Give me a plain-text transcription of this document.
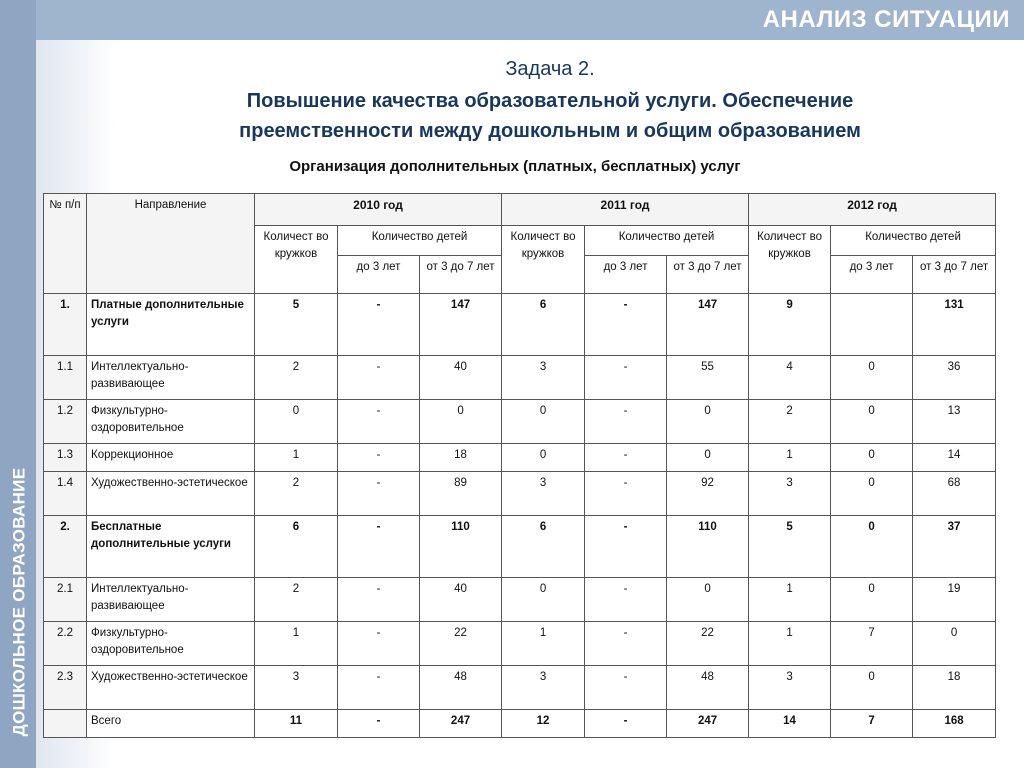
ДОШКОЛЬНОЕ ОБРАЗОВАНИЕ
АНАЛИЗ СИТУАЦИИ
Задача 2.
Повышение качества образовательной услуги. Обеспечение
преемственности между дошкольным и общим образованием
Организация дополнительных (платных, бесплатных) услуг
№ п/п	Направление	2010 год			2011 год			2012 год		
		Количест во кружков	Количество детей		Количест во кружков	Количество детей		Количест во кружков	Количество детей	
			до 3 лет	от 3 до 7 лет		до 3 лет	от 3 до 7 лет		до 3 лет	от 3 до 7 лет
1.	Платные дополнительные услуги	5	-	147	6	-	147	9		131
1.1	Интеллектуально-развивающее	2	-	40	3	-	55	4	0	36
1.2	Физкультурно-оздоровительное	0	-	0	0	-	0	2	0	13
1.3	Коррекционное	1	-	18	0	-	0	1	0	14
1.4	Художественно-эстетическое	2	-	89	3	-	92	3	0	68
2.	Бесплатные дополнительные услуги	6	-	110	6	-	110	5	0	37
2.1	Интеллектуально-развивающее	2	-	40	0	-	0	1	0	19
2.2	Физкультурно-оздоровительное	1	-	22	1	-	22	1	7	0
2.3	Художественно-эстетическое	3	-	48	3	-	48	3	0	18
	Всего	11	-	247	12	-	247	14	7	168
